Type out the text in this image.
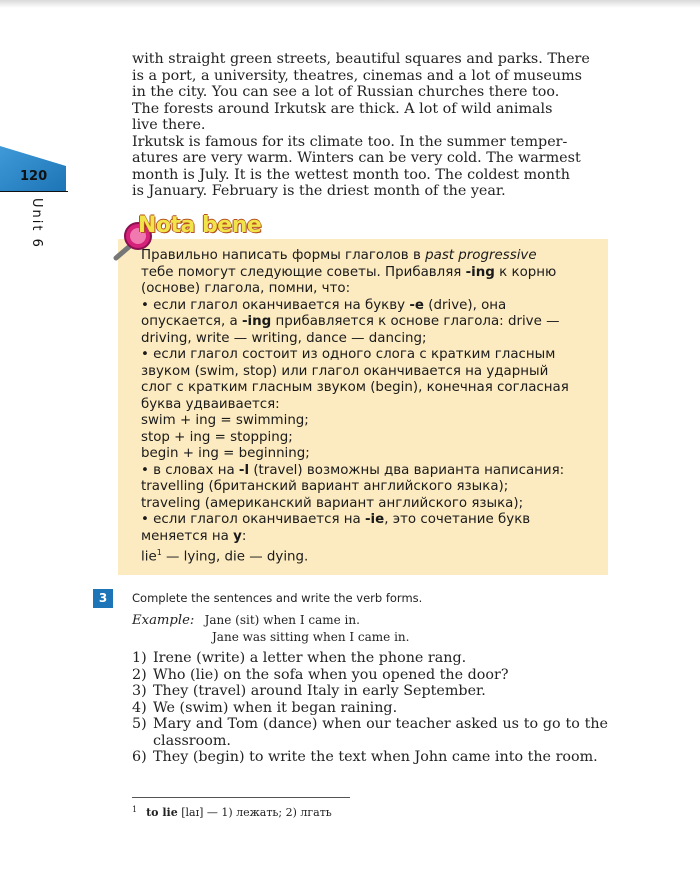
120
Unit 6

with straight green streets, beautiful squares and parks. There

is a port, a university, theatres, cinemas and a lot of museums

in the city. You can see a lot of Russian churches there too.

The forests around Irkutsk are thick. A lot of wild animals

live there.

Irkutsk is famous for its climate too. In the summer temper-

atures are very warm. Winters can be very cold. The warmest

month is July. It is the wettest month too. The coldest month

is January. February is the driest month of the year.

Nota bene
Правильно написать формы глаголов в past progressive
тебе помогут следующие советы. Прибавляя -ing к корню
(основе) глагола, помни, что:
• если глагол оканчивается на букву -e (drive), она
опускается, а -ing прибавляется к основе глагола: drive —
driving, write — writing, dance — dancing;
• если глагол состоит из одного слога с кратким гласным
звуком (swim, stop) или глагол оканчивается на ударный
слог с кратким гласным звуком (begin), конечная согласная
буква удваивается:
swim + ing = swimming;
stop + ing = stopping;
begin + ing = beginning;
• в словах на -l (travel) возможны два варианта написания:
travelling (британский вариант английского языка);
traveling (американский вариант английского языка);
• если глагол оканчивается на -ie, это сочетание букв
меняется на y:
lie$^1$ — lying, die — dying.
3	Complete the sentences and write the verb forms.
Example: Jane (sit) when I came in.
Jane was sitting when I came in.
1) Irene (write) a letter when the phone rang.
2) Who (lie) on the sofa when you opened the door?
3) They (travel) around Italy in early September.
4) We (swim) when it began raining.
5) Mary and Tom (dance) when our teacher asked us to go to the classroom.
6) They (begin) to write the text when John came into the room.
$^1$ to lie [laɪ] — 1) лежать; 2) лгать
